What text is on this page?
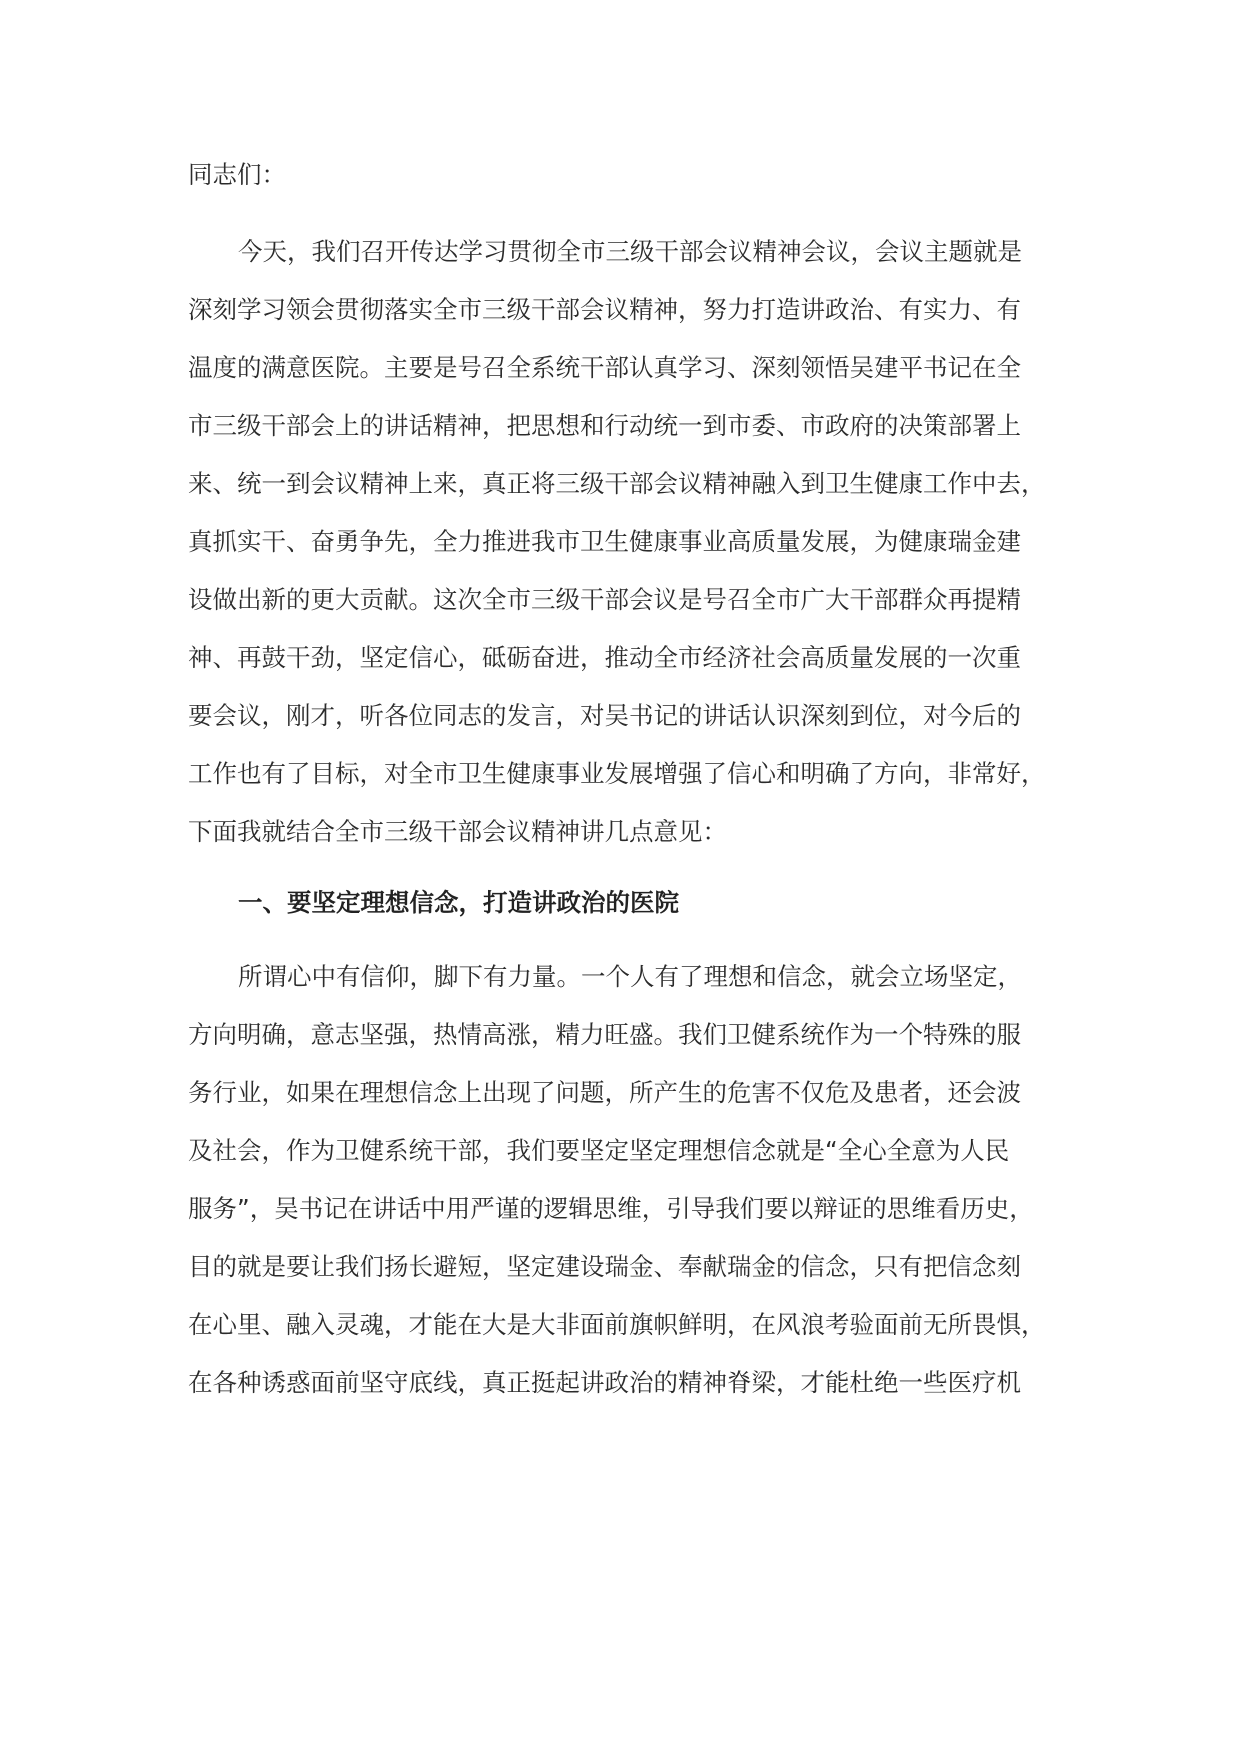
同志们：
今天，我们召开传达学习贯彻全市三级干部会议精神会议，会议主题就是
深刻学习领会贯彻落实全市三级干部会议精神，努力打造讲政治、有实力、有
温度的满意医院。主要是号召全系统干部认真学习、深刻领悟吴建平书记在全
市三级干部会上的讲话精神，把思想和行动统一到市委、市政府的决策部署上
来、统一到会议精神上来，真正将三级干部会议精神融入到卫生健康工作中去，
真抓实干、奋勇争先，全力推进我市卫生健康事业高质量发展，为健康瑞金建
设做出新的更大贡献。这次全市三级干部会议是号召全市广大干部群众再提精
神、再鼓干劲，坚定信心，砥砺奋进，推动全市经济社会高质量发展的一次重
要会议，刚才，听各位同志的发言，对吴书记的讲话认识深刻到位，对今后的
工作也有了目标，对全市卫生健康事业发展增强了信心和明确了方向，非常好，
下面我就结合全市三级干部会议精神讲几点意见：
一、要坚定理想信念，打造讲政治的医院
所谓心中有信仰，脚下有力量。一个人有了理想和信念，就会立场坚定，
方向明确，意志坚强，热情高涨，精力旺盛。我们卫健系统作为一个特殊的服
务行业，如果在理想信念上出现了问题，所产生的危害不仅危及患者，还会波
及社会，作为卫健系统干部，我们要坚定坚定理想信念就是“全心全意为人民
服务”，吴书记在讲话中用严谨的逻辑思维，引导我们要以辩证的思维看历史，
目的就是要让我们扬长避短，坚定建设瑞金、奉献瑞金的信念，只有把信念刻
在心里、融入灵魂，才能在大是大非面前旗帜鲜明，在风浪考验面前无所畏惧，
在各种诱惑面前坚守底线，真正挺起讲政治的精神脊梁，才能杜绝一些医疗机
